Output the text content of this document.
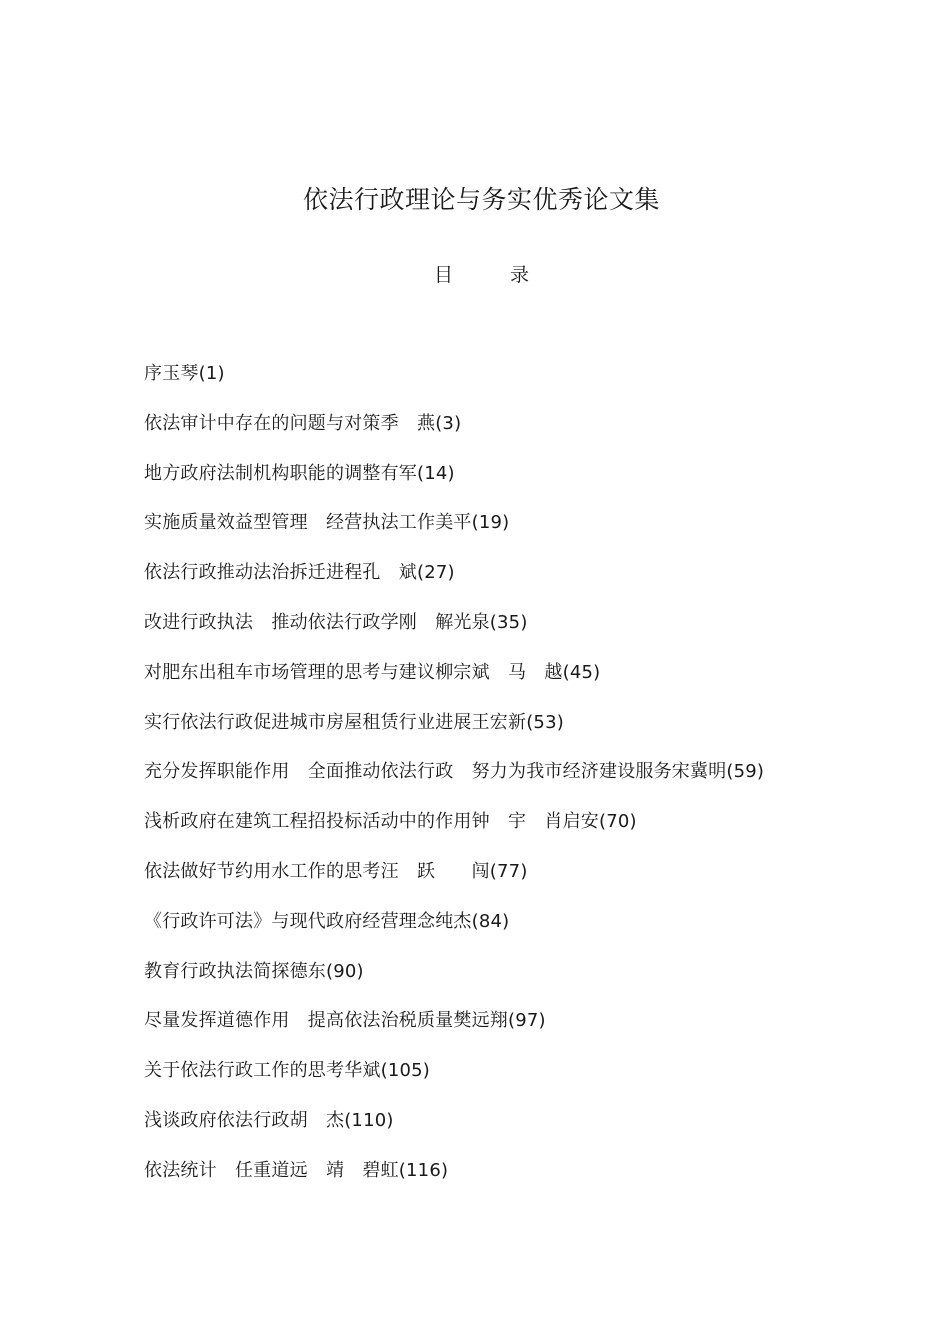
依法行政理论与务实优秀论文集
目　　　录
序玉琴(1)
依法审计中存在的问题与对策季　燕(3)
地方政府法制机构职能的调整有军(14)
实施质量效益型管理　经营执法工作美平(19)
依法行政推动法治拆迁进程孔　斌(27)
改进行政执法　推动依法行政学刚　解光泉(35)
对肥东出租车市场管理的思考与建议柳宗斌　马　越(45)
实行依法行政促进城市房屋租赁行业进展王宏新(53)
充分发挥职能作用　全面推动依法行政　努力为我市经济建设服务宋冀明(59)
浅析政府在建筑工程招投标活动中的作用钟　宇　肖启安(70)
依法做好节约用水工作的思考汪　跃　　闯(77)
《行政许可法》与现代政府经营理念纯杰(84)
教育行政执法简探德东(90)
尽量发挥道德作用　提高依法治税质量樊远翔(97)
关于依法行政工作的思考华斌(105)
浅谈政府依法行政胡　杰(110)
依法统计　任重道远　靖　碧虹(116)
